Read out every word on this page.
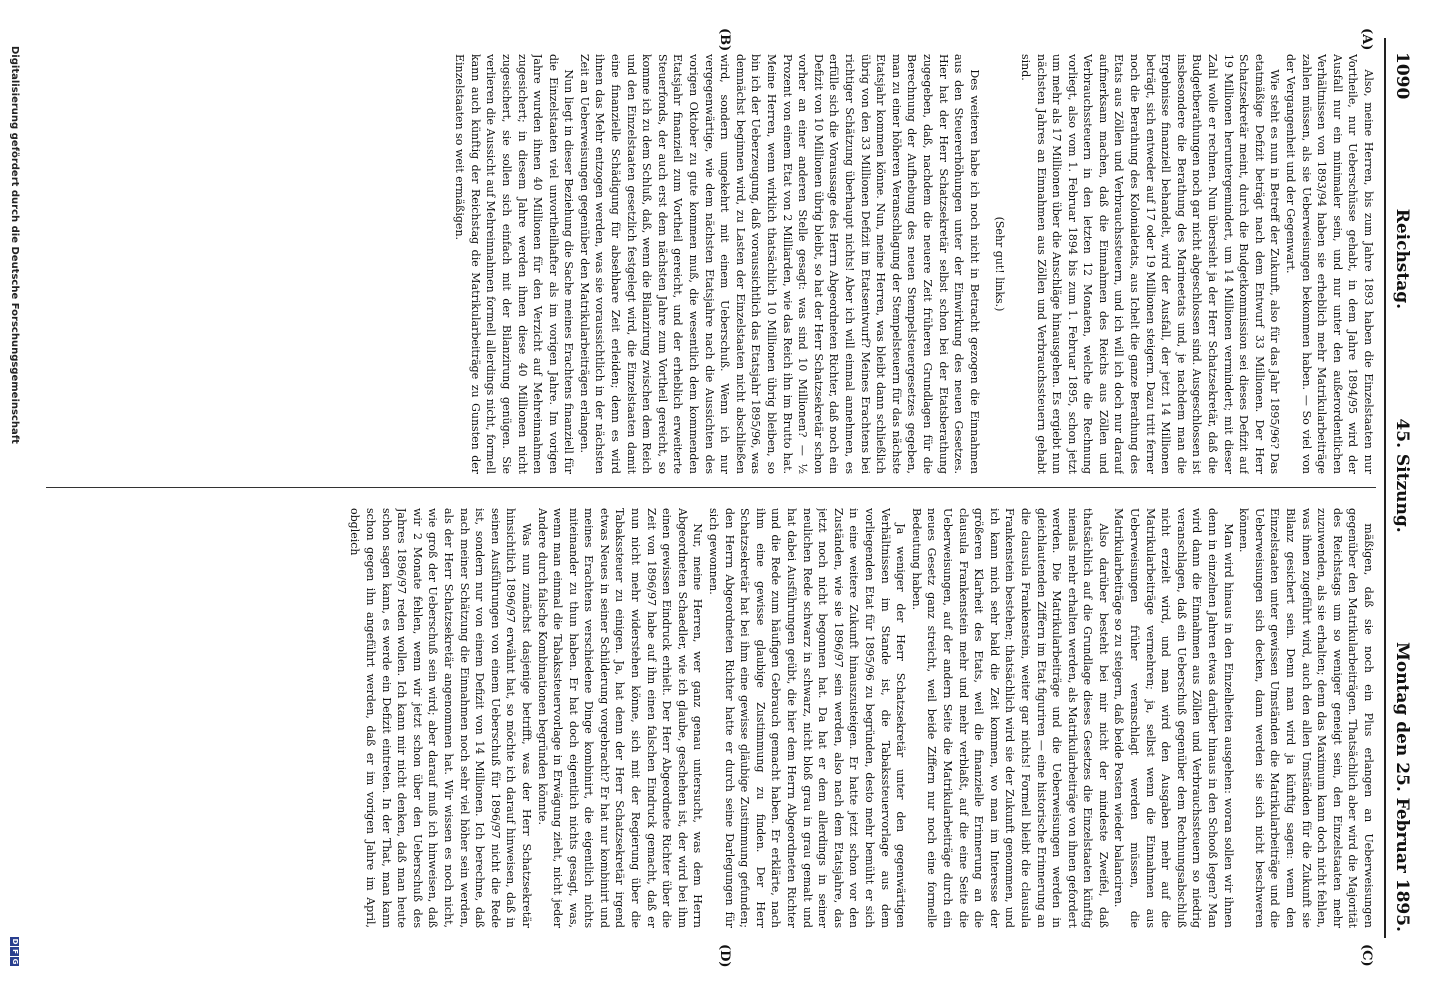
1090
Reichstag.
45. Sitzung.
Montag den 25. Februar 1895.
(A)
(B)
(C)
(D)

Also, meine Herren, bis zum Jahre 1893 haben die Einzelstaaten nur Vortheile, nur Ueberschüsse gehabt, in dem Jahre 1894/95 wird der Ausfall nur ein minimaler sein, und nur unter den außerordentlichen Verhältnissen von 1893/94 haben sie erheblich mehr Matrikularbeiträge zahlen müssen, als sie Ueberweisungen bekommen haben. — So viel von der Vergangenheit und der Gegenwart.

Wie steht es nun in Betreff der Zukunft, also für das Jahr 1895/96? Das etatmäßige Defizit beträgt nach dem Entwurf 33 Millionen. Der Herr Schatzsekretär meint, durch die Budgetkommission sei dieses Defizit auf 19 Millionen heruntergemindert, um 14 Millionen vermindert; mit dieser Zahl wolle er rechnen. Nun übersieht ja der Herr Schatzsekretär, daß die Budgetberathungen noch gar nicht abgeschlossen sind. Ausgeschlossen ist insbesondere die Berathung des Marineetats und, je nachdem man die Ergebnisse finanziell behandelt, wird der Ausfall, der jetzt 14 Millionen beträgt, sich entweder auf 17 oder 19 Millionen steigern. Dazu tritt ferner noch die Berathung des Kolonialetats, aus Ichelt die ganze Berathung des Etats aus Zöllen und Verbrauchssteuern, und ich will ich doch nur darauf aufmerksam machen, daß die Einnahmen des Reichs aus Zöllen und Verbrauchssteuern in den letzten 12 Monaten, welche die Rechnung vorliegt, also vom 1. Februar 1894 bis zum 1. Februar 1895, schon jetzt um mehr als 17 Millionen über die Anschläge hinausgehen. Es ergiebt nun nächsten Jahres an Einnahmen aus Zöllen und Verbrauchssteuern gehabt sind.

(Sehr gut! links.)

Des weiteren habe ich noch nicht in Betracht gezogen die Einnahmen aus den Steuererhöhungen unter der Einwirkung des neuen Gesetzes. Hier hat der Herr Schatzsekretär selbst schon bei der Etatsberathung zugegeben, daß, nachdem die neuere Zeit früheren Grundlagen für die Berechnung der Aufhebung des neuen Stempelsteuergesetzes gegeben, man zu einer höheren Veranschlagung der Stempelsteuern für das nächste Etatsjahr kommen könne. Nun, meine Herren, was bleibt dann schließlich übrig von den 33 Millionen Defizit im Etatsentwurf? Meines Erachtens bei richtiger Schätzung überhaupt nichts! Aber ich will einmal annehmen, es erfülle sich die Voraussage des Herrn Abgeordneten Richter, daß noch ein Defizit von 10 Millionen übrig bleibt, so hat der Herr Schatzsekretär schon vorher an einer anderen Stelle gesagt: was sind 10 Millionen? — ½ Prozent von einem Etat von 2 Milliarden, wie das Reich ihn im Brutto hat. Meine Herren, wenn wirklich thatsächlich 10 Millionen übrig bleiben, so bin ich der Ueberzeugung, daß voraussichtlich das Etatsjahr 1895/96, was demnächst beginnen wird, zu Lasten der Einzelstaaten nicht abschließen wird, sondern umgekehrt mit einem Ueberschuß. Wenn ich nur vergegenwärtige, wie dem nächsten Etatsjahre nach die Aussichten des vorigen Oktober zu gute kommen muß, die wesentlich dem kommenden Etatsjahr finanziell zum Vortheil gereicht, und der erheblich erweiterte Steuerfonds, der auch erst dem nächsten Jahre zum Vortheil gereicht, so komme ich zu dem Schluß, daß, wenn die Bilanzirung zwischen dem Reich und den Einzelstaaten gesetzlich festgelegt wird, die Einzelstaaten damit eine finanzielle Schädigung für absehbare Zeit erleiden; denn es wird ihnen das Mehr entzogen werden, was sie voraussichtlich in der nächsten Zeit an Ueberweisungen gegenüber den Matrikularbeiträgen erlangen.

Nun liegt in dieser Beziehung die Sache meines Erachtens finanziell für die Einzelstaaten viel unvortheilhafter als im vorigen Jahre. Im vorigen Jahre wurden ihnen 40 Millionen für den Verzicht auf Mehreinnahmen zugesichert; in diesem Jahre werden ihnen diese 40 Millionen nicht zugesichert, sie sollen sich einfach mit der Bilanzirung genügen. Sie verlieren die Aussicht auf Mehreinnahmen formell allerdings nicht, formell kann auch künftig der Reichstag die Matrikularbeiträge zu Gunsten der Einzelstaaten so weit ermäßigen.

mäßigen, daß sie noch ein Plus erlangen an Ueberweisungen gegenüber den Matrikularbeiträgen. Thatsächlich aber wird die Majorität des Reichstags um so weniger geneigt sein, den Einzelstaaten mehr zuzuwenden, als sie erhalten; denn das Maximum kann doch nicht fehlen, was ihnen zugeführt wird, auch den allen Umständen für die Zukunft sie Bilanz gesichert sein. Denn man wird ja künftig sagen: wenn den Einzelstaaten unter gewissen Umständen die Matrikularbeiträge und die Ueberweisungen sich decken, dann werden sie sich nicht beschweren können.

Man wird hinaus in den Einzelheiten ausgehen: woran sollen wir ihnen denn in einzelnen Jahren etwas darüber hinaus in den Schooß legen? Man wird dann die Einnahmen aus Zöllen und Verbrauchssteuern so niedrig veranschlagen, daß ein Ueberschuß gegenüber dem Rechnungsabschluß nicht erzielt wird, und man wird den Ausgaben mehr auf die Matrikularbeiträge vermehren; ja, selbst wenn die Einnahmen aus Ueberweisungen früher veranschlagt werden müssen, die Matrikularbeiträge so zu steigern, daß beide Posten wieder balanciren.

Also darüber besteht bei mir nicht der mindeste Zweifel, daß thatsächlich auf die Grundlage dieses Gesetzes die Einzelstaaten künftig niemals mehr erhalten werden, als Matrikularbeiträge von ihnen gefordert werden. Die Matrikularbeiträge und die Ueberweisungen werden in gleichlautenden Ziffern im Etat figuriren — eine historische Erinnerung an die clausula Frankenstein, weiter gar nichts! Formell bleibt die clausula Frankenstein bestehen; thatsächlich wird sie der Zukunft genommen, und ich kann mich sehr bald die Zeit kommen, wo man im Interesse der größeren Klarheit des Etats, weil die finanzielle Erinnerung an die clausula Frankenstein mehr und mehr verblaßt, auf die eine Seite die Ueberweisungen, auf der andern Seite die Matrikularbeiträge durch ein neues Gesetz ganz streicht, weil beide Ziffern nur noch eine formelle Bedeutung haben.

Ja weniger der Herr Schatzsekretär unter den gegenwärtigen Verhältnissen im Stande ist, die Tabakssteuervorlage aus dem vorliegenden Etat für 1895/96 zu begründen, desto mehr bemüht er sich in eine weitere Zukunft hinauszusteigen. Er hatte jetzt schon vor den Zuständen, wie sie 1896/97 sein werden, also nach dem Etatsjahre, das jetzt noch nicht begonnen hat. Da hat er dem allerdings in seiner neulichen Rede schwarz in schwarz, nicht bloß grau in grau gemalt und hat dabei Ausführungen geübt, die hier dem Herrn Abgeordneten Richter und die Rede zum häufigen Gebrauch gemacht haben. Er erklärte, nach ihm eine gewisse glaubige Zustimmung zu finden. Der Herr Schatzsekretär hat bei ihm eine gewisse gläubige Zustimmung gefunden; den Herrn Abgeordneten Richter hatte er durch seine Darlegungen für sich gewonnen.

Nur, meine Herren, wer ganz genau untersucht, was dem Herrn Abgeordneten Schaedler, wie ich glaube, geschehen ist, der wird bei ihm einen gewissen Eindruck erhielt. Der Herr Abgeordnete Richter über die Zeit von 1896/97 habe auf ihn einen falschen Eindruck gemacht, daß er nun nicht mehr widerstehen könne, sich mit der Regierung über die Tabakssteuer zu einigen. Ja, hat denn der Herr Schatzsekretär irgend etwas Neues in seiner Schilderung vorgebracht? Er hat nur kombinirt und meines Erachtens verschiedene Dinge kombinirt, die eigentlich nichts miteinander zu thun haben. Er hat doch eigentlich nichts gesagt, was, wenn man einmal die Tabakssteuervorlage in Erwägung zieht, nicht jeder Andere durch falsche Kombinationen begründen könnte.

Was nun zunächst dasjenige betrifft, was der Herr Schatzsekretär hinsichtlich 1896/97 erwähnt hat, so möchte ich darauf hinweisen, daß in seinen Ausführungen von einem Ueberschuß für 1896/97 nicht die Rede ist, sondern nur von einem Defizit von 14 Millionen. Ich berechne, daß nach meiner Schätzung die Einnahmen noch sehr viel höher sein werden, als der Herr Schatzsekretär angenommen hat. Wir wissen es noch nicht, wie groß der Ueberschuß sein wird; aber darauf muß ich hinweisen, daß wir 2 Monate fehlen, wenn wir jetzt schon über den Ueberschuß des Jahres 1896/97 reden wollen. Ich kann mir nicht denken, daß man heute schon sagen kann, es werde ein Defizit eintreten. In der That, man kann schon gegen ihn angeführt werden, daß er im vorigen Jahre im April, obgleich

Digitalisierung gefördert durch die Deutsche Forschungsgemeinschaft
D
F
G
